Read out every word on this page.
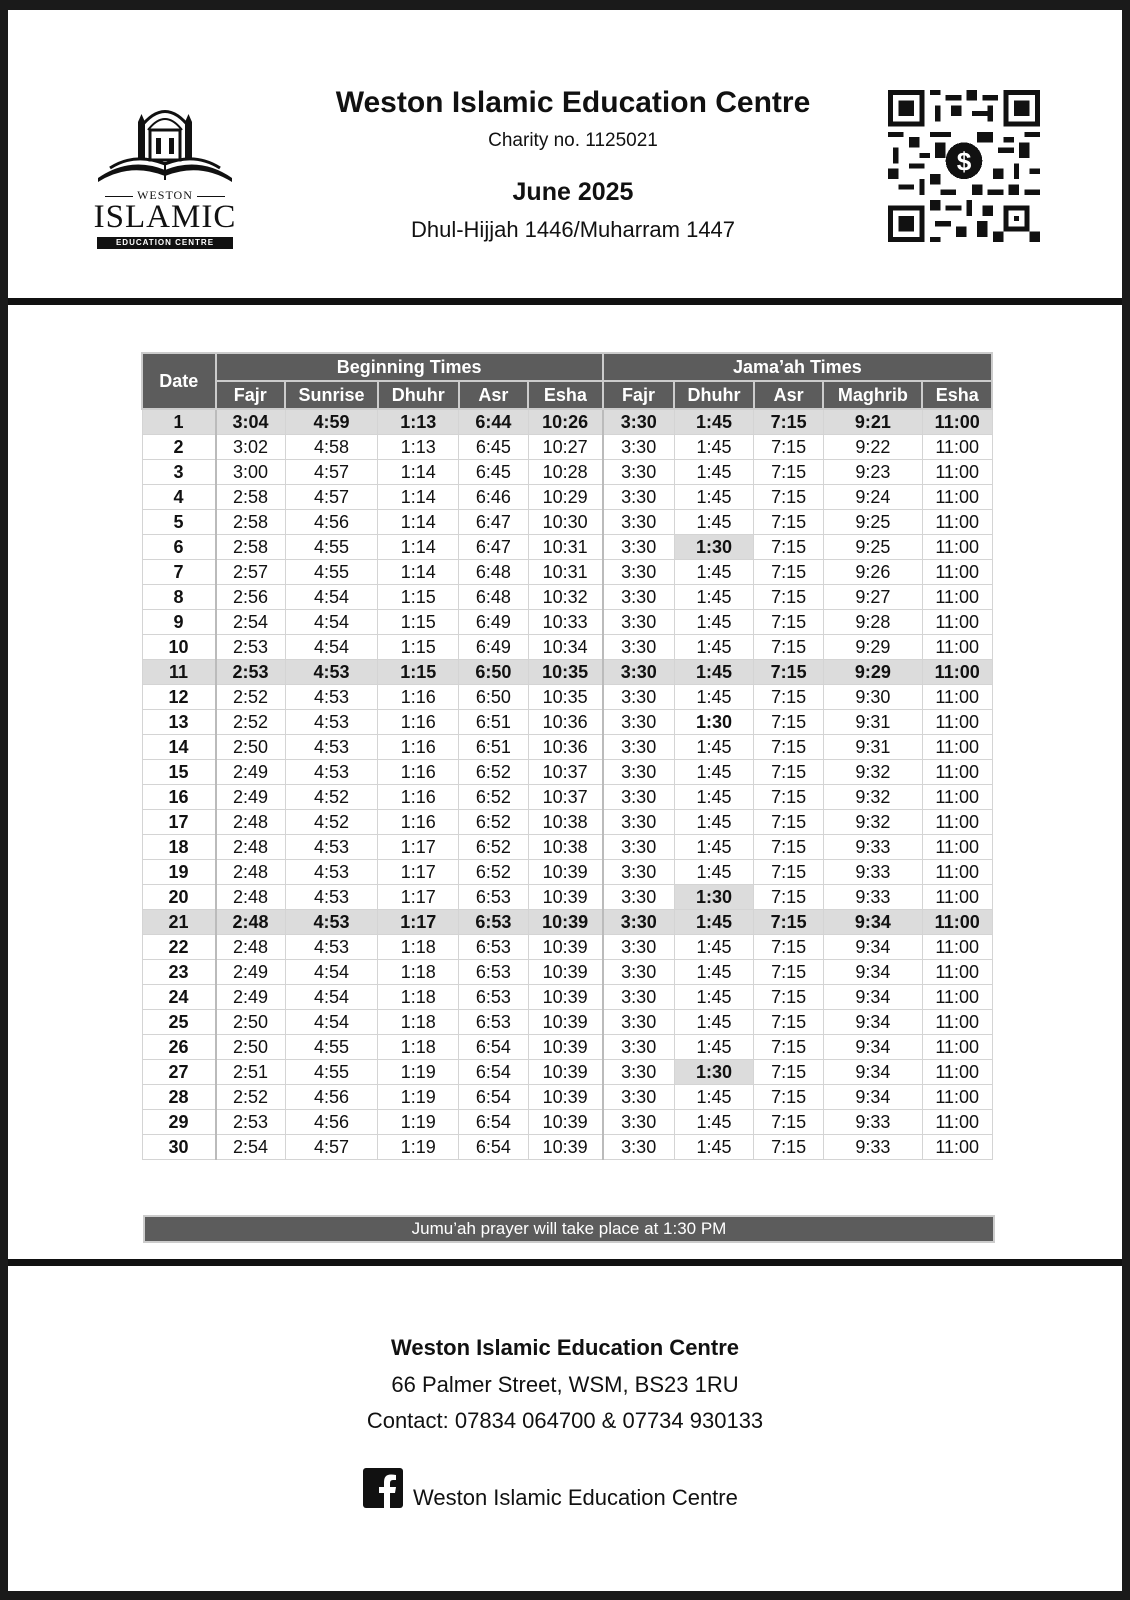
WESTON
ISLAMIC
EDUCATION CENTRE
Weston Islamic Education Centre
Charity no. 1125021
June 2025
Dhul-Hijjah 1446/Muharram 1447
$
Date	Beginning Times					Jama’ah Times				
	Fajr	Sunrise	Dhuhr	Asr	Esha	Fajr	Dhuhr	Asr	Maghrib	Esha
1	3:04	4:59	1:13	6:44	10:26	3:30	1:45	7:15	9:21	11:00
2	3:02	4:58	1:13	6:45	10:27	3:30	1:45	7:15	9:22	11:00
3	3:00	4:57	1:14	6:45	10:28	3:30	1:45	7:15	9:23	11:00
4	2:58	4:57	1:14	6:46	10:29	3:30	1:45	7:15	9:24	11:00
5	2:58	4:56	1:14	6:47	10:30	3:30	1:45	7:15	9:25	11:00
6	2:58	4:55	1:14	6:47	10:31	3:30	1:30	7:15	9:25	11:00
7	2:57	4:55	1:14	6:48	10:31	3:30	1:45	7:15	9:26	11:00
8	2:56	4:54	1:15	6:48	10:32	3:30	1:45	7:15	9:27	11:00
9	2:54	4:54	1:15	6:49	10:33	3:30	1:45	7:15	9:28	11:00
10	2:53	4:54	1:15	6:49	10:34	3:30	1:45	7:15	9:29	11:00
11	2:53	4:53	1:15	6:50	10:35	3:30	1:45	7:15	9:29	11:00
12	2:52	4:53	1:16	6:50	10:35	3:30	1:45	7:15	9:30	11:00
13	2:52	4:53	1:16	6:51	10:36	3:30	1:30	7:15	9:31	11:00
14	2:50	4:53	1:16	6:51	10:36	3:30	1:45	7:15	9:31	11:00
15	2:49	4:53	1:16	6:52	10:37	3:30	1:45	7:15	9:32	11:00
16	2:49	4:52	1:16	6:52	10:37	3:30	1:45	7:15	9:32	11:00
17	2:48	4:52	1:16	6:52	10:38	3:30	1:45	7:15	9:32	11:00
18	2:48	4:53	1:17	6:52	10:38	3:30	1:45	7:15	9:33	11:00
19	2:48	4:53	1:17	6:52	10:39	3:30	1:45	7:15	9:33	11:00
20	2:48	4:53	1:17	6:53	10:39	3:30	1:30	7:15	9:33	11:00
21	2:48	4:53	1:17	6:53	10:39	3:30	1:45	7:15	9:34	11:00
22	2:48	4:53	1:18	6:53	10:39	3:30	1:45	7:15	9:34	11:00
23	2:49	4:54	1:18	6:53	10:39	3:30	1:45	7:15	9:34	11:00
24	2:49	4:54	1:18	6:53	10:39	3:30	1:45	7:15	9:34	11:00
25	2:50	4:54	1:18	6:53	10:39	3:30	1:45	7:15	9:34	11:00
26	2:50	4:55	1:18	6:54	10:39	3:30	1:45	7:15	9:34	11:00
27	2:51	4:55	1:19	6:54	10:39	3:30	1:30	7:15	9:34	11:00
28	2:52	4:56	1:19	6:54	10:39	3:30	1:45	7:15	9:34	11:00
29	2:53	4:56	1:19	6:54	10:39	3:30	1:45	7:15	9:33	11:00
30	2:54	4:57	1:19	6:54	10:39	3:30	1:45	7:15	9:33	11:00
Jumu’ah prayer will take place at 1:30 PM
Weston Islamic Education Centre
66 Palmer Street, WSM, BS23 1RU
Contact: 07834 064700 & 07734 930133
Weston Islamic Education Centre
